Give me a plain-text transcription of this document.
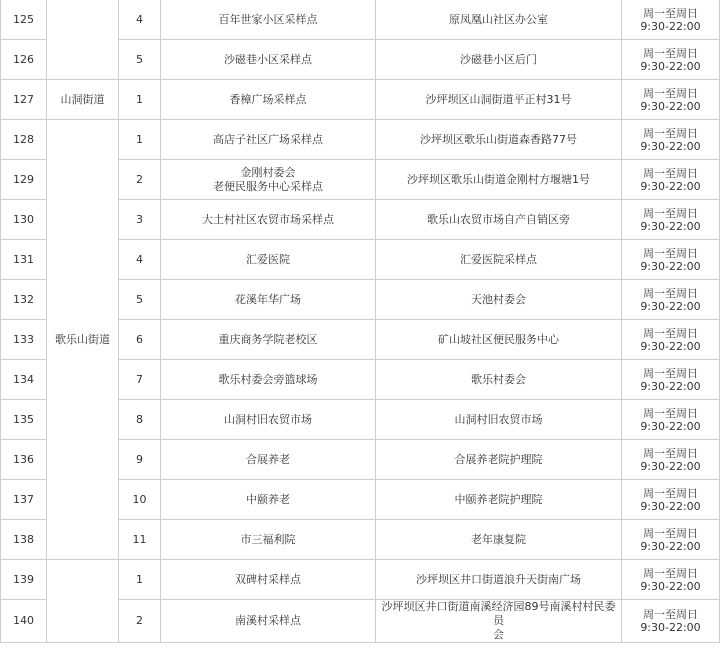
125		4	百年世家小区采样点	原凤凰山社区办公室	周一至周日
9:30-22:00
126		5	沙磁巷小区采样点	沙磁巷小区后门	周一至周日
9:30-22:00
127	山洞街道	1	香樟广场采样点	沙坪坝区山洞街道平正村31号	周一至周日
9:30-22:00
128	歌乐山街道	1	高店子社区广场采样点	沙坪坝区歌乐山街道森香路77号	周一至周日
9:30-22:00
129		2	金刚村委会
老便民服务中心采样点	沙坪坝区歌乐山街道金刚村方堰塘1号	周一至周日
9:30-22:00
130		3	大土村社区农贸市场采样点	歌乐山农贸市场自产自销区旁	周一至周日
9:30-22:00
131		4	汇爱医院	汇爱医院采样点	周一至周日
9:30-22:00
132		5	花溪年华广场	天池村委会	周一至周日
9:30-22:00
133		6	重庆商务学院老校区	矿山坡社区便民服务中心	周一至周日
9:30-22:00
134		7	歌乐村委会旁篮球场	歌乐村委会	周一至周日
9:30-22:00
135		8	山洞村旧农贸市场	山洞村旧农贸市场	周一至周日
9:30-22:00
136		9	合展养老	合展养老院护理院	周一至周日
9:30-22:00
137		10	中颐养老	中颐养老院护理院	周一至周日
9:30-22:00
138		11	市三福利院	老年康复院	周一至周日
9:30-22:00
139		1	双碑村采样点	沙坪坝区井口街道浪升天街南广场	周一至周日
9:30-22:00
140		2	南溪村采样点	沙坪坝区井口街道南溪经济园89号南溪村村民委员
会	周一至周日
9:30-22:00
